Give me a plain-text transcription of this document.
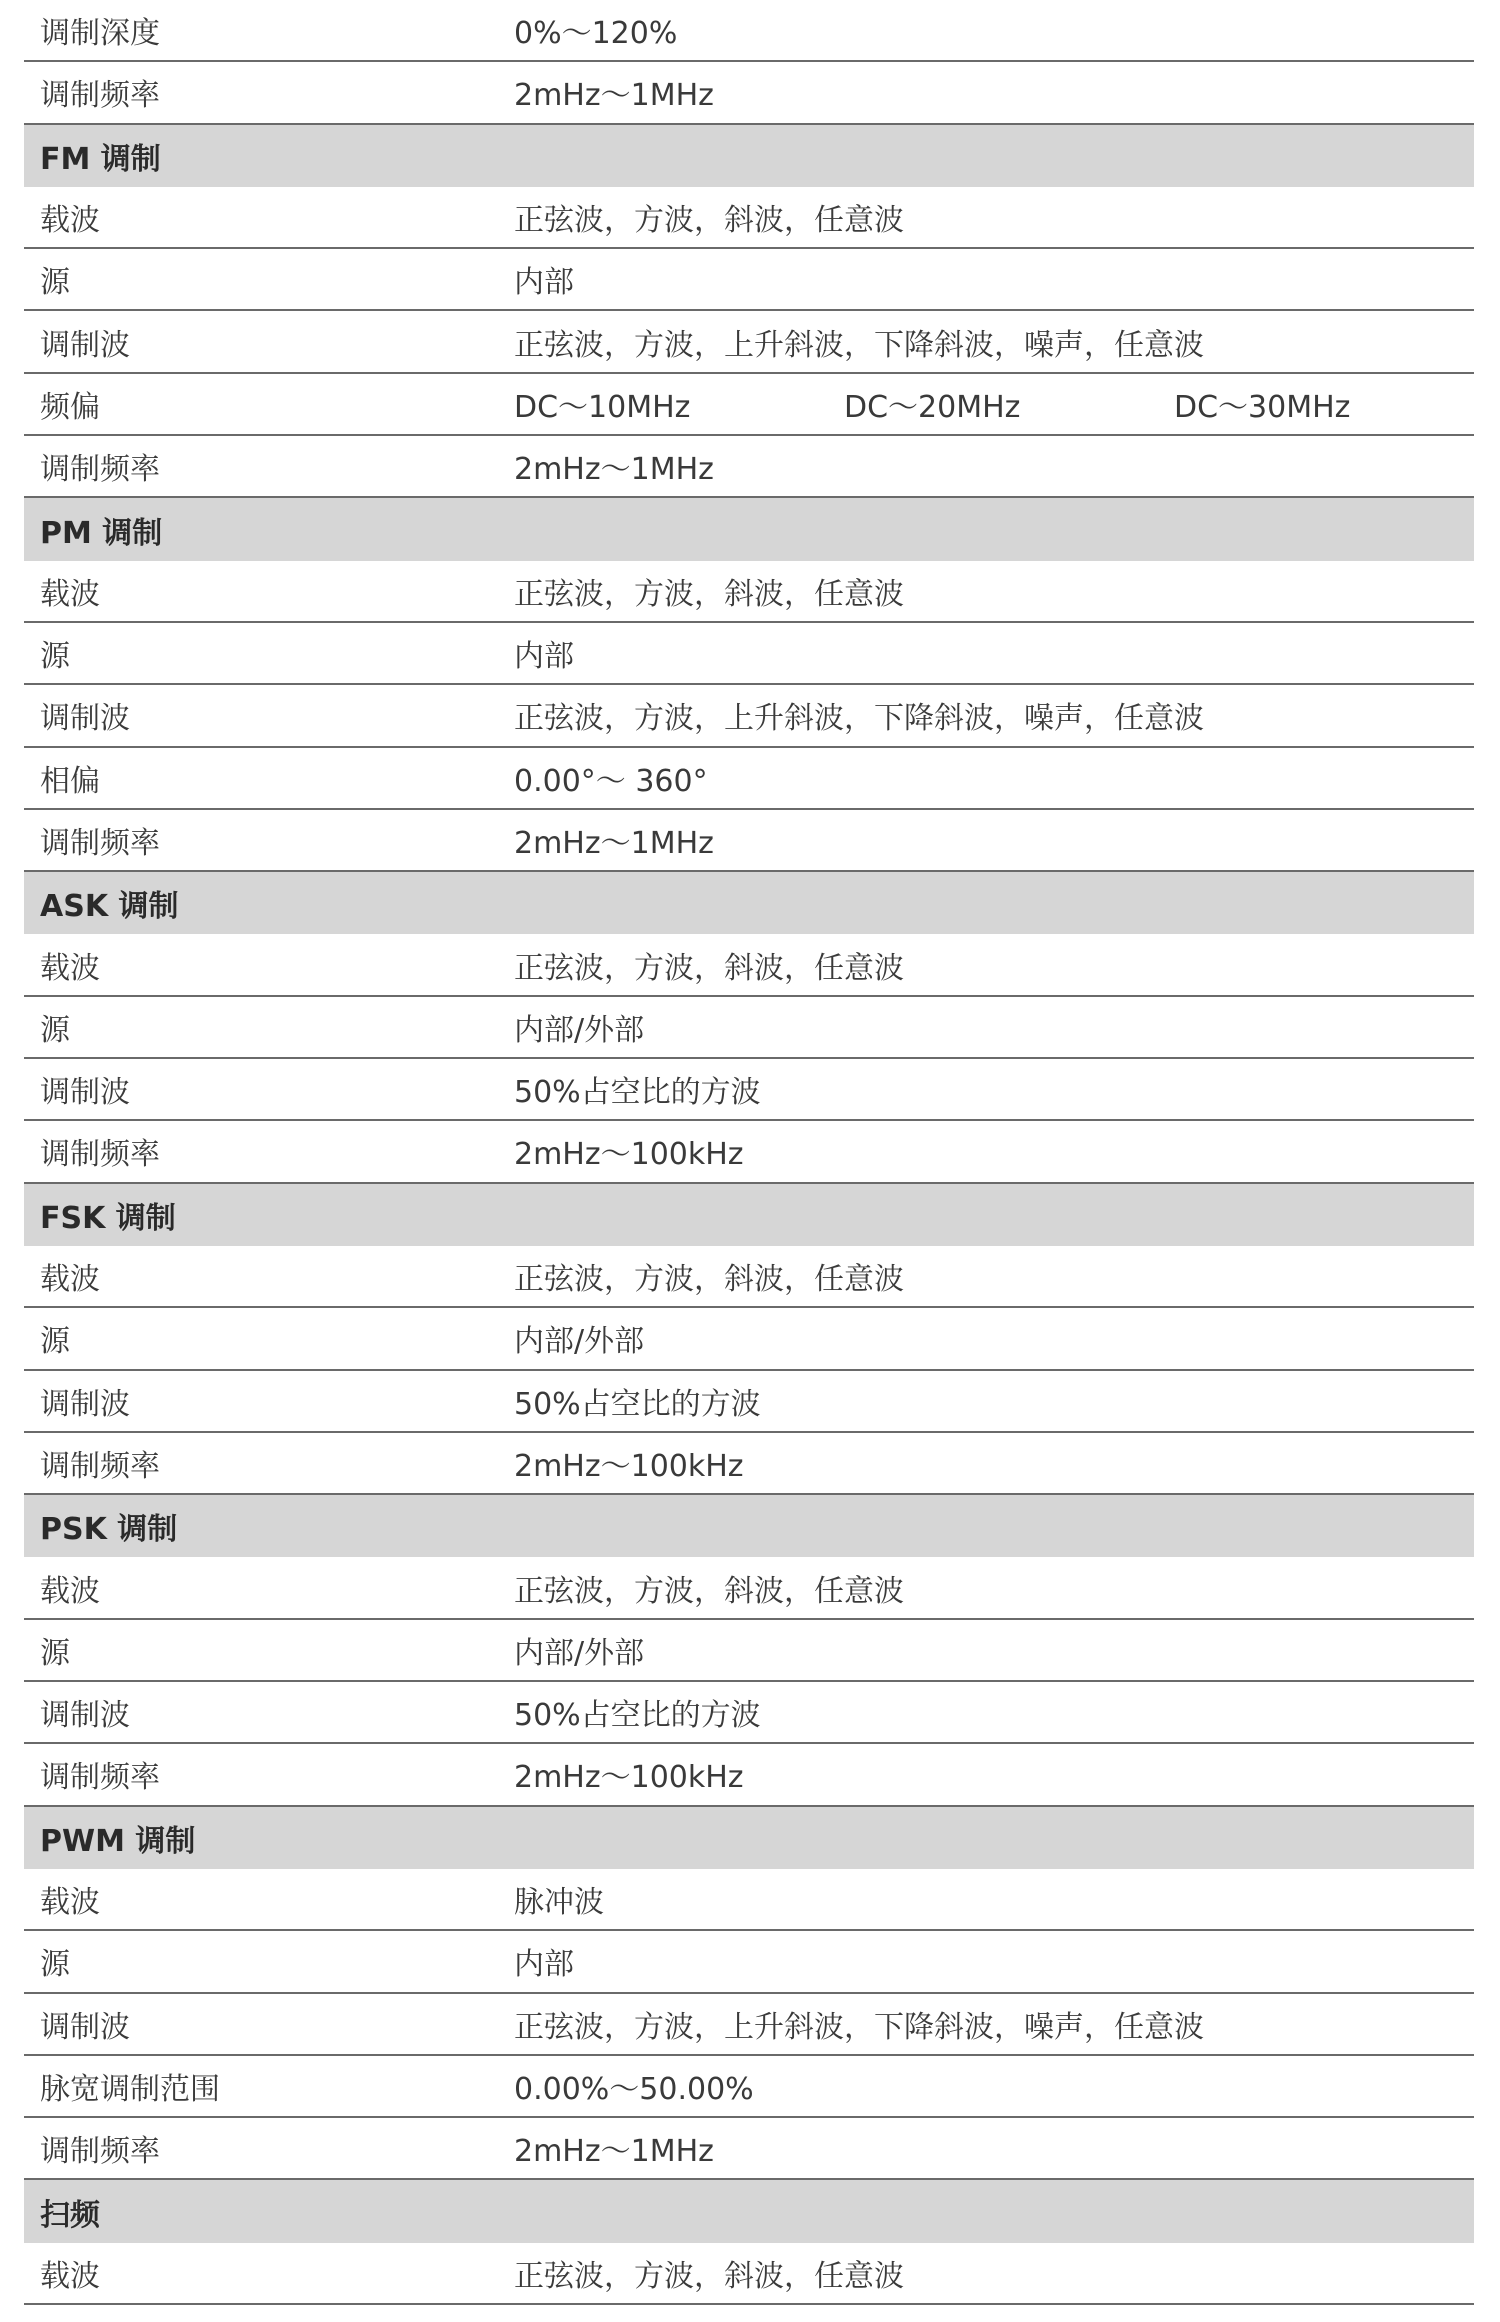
调制深度	0%～120%
调制频率	2mHz～1MHz
FM 调制
载波	正弦波，方波，斜波，任意波
源	内部
调制波	正弦波，方波，上升斜波，下降斜波，噪声，任意波
频偏	DC～10MHz	DC～20MHz	DC～30MHz
调制频率	2mHz～1MHz
PM 调制
载波	正弦波，方波，斜波，任意波
源	内部
调制波	正弦波，方波，上升斜波，下降斜波，噪声，任意波
相偏	0.00°～ 360°
调制频率	2mHz～1MHz
ASK 调制
载波	正弦波，方波，斜波，任意波
源	内部/外部
调制波	50%占空比的方波
调制频率	2mHz～100kHz
FSK 调制
载波	正弦波，方波，斜波，任意波
源	内部/外部
调制波	50%占空比的方波
调制频率	2mHz～100kHz
PSK 调制
载波	正弦波，方波，斜波，任意波
源	内部/外部
调制波	50%占空比的方波
调制频率	2mHz～100kHz
PWM 调制
载波	脉冲波
源	内部
调制波	正弦波，方波，上升斜波，下降斜波，噪声，任意波
脉宽调制范围	0.00%～50.00%
调制频率	2mHz～1MHz
扫频
载波	正弦波，方波，斜波，任意波
